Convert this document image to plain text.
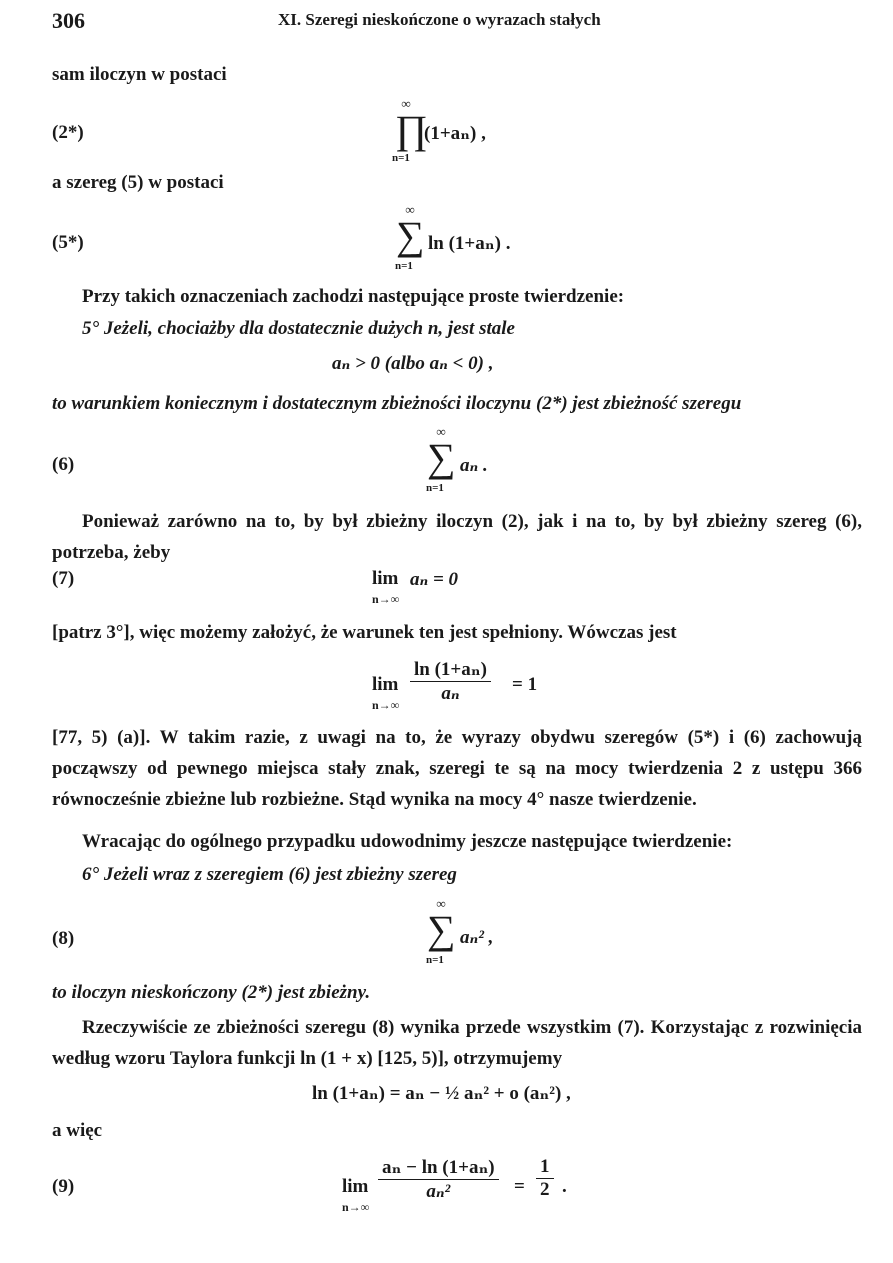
306	XI. Szeregi nieskończone o wyrazach stałych
sam iloczyn w postaci
(2*)
∞
∏
n=1
(1+aₙ) ,
a szereg (5) w postaci
(5*)
∞
∑
n=1
ln (1+aₙ) .
Przy takich oznaczeniach zachodzi następujące proste twierdzenie:
5° Jeżeli, chociażby dla dostatecznie dużych n, jest stale
aₙ > 0 (albo aₙ < 0) ,
to warunkiem koniecznym i dostatecznym zbieżności iloczynu (2*) jest zbieżność szeregu
(6)
∞
∑
n=1
aₙ .
Ponieważ zarówno na to, by był zbieżny iloczyn (2), jak i na to, by był zbieżny szereg (6), potrzeba, żeby
(7)	lim
n→∞
aₙ = 0
[patrz 3°], więc możemy założyć, że warunek ten jest spełniony. Wówczas jest
lim
$n\to\infty \frac{\text{ln (1+aₙ)}}{\text{aₙ}} = 1$
[77, 5) (a)]. W takim razie, z uwagi na to, że wyrazy obydwu szeregów (5*) i (6) zachowują począwszy od pewnego miejsca stały znak, szeregi te są na mocy twierdzenia 2 z ustępu 366 równocześnie zbieżne lub rozbieżne. Stąd wynika na mocy 4° nasze twierdzenie.
Wracając do ogólnego przypadku udowodnimy jeszcze następujące twierdzenie:
6° Jeżeli wraz z szeregiem (6) jest zbieżny szereg
(8)
∞
∑
n=1
aₙ² ,
to iloczyn nieskończony (2*) jest zbieżny.
Rzeczywiście ze zbieżności szeregu (8) wynika przede wszystkim (7). Korzystając z rozwinięcia według wzoru Taylora funkcji ln (1 + x) [125, 5)], otrzymujemy
ln (1+aₙ) = aₙ − ½ aₙ² + o (aₙ²) ,
a więc
(9)	lim
n→∞
$\frac{\text{aₙ − ln (1+aₙ)}}{\text{aₙ²}} = \frac{1}{2}$ .
